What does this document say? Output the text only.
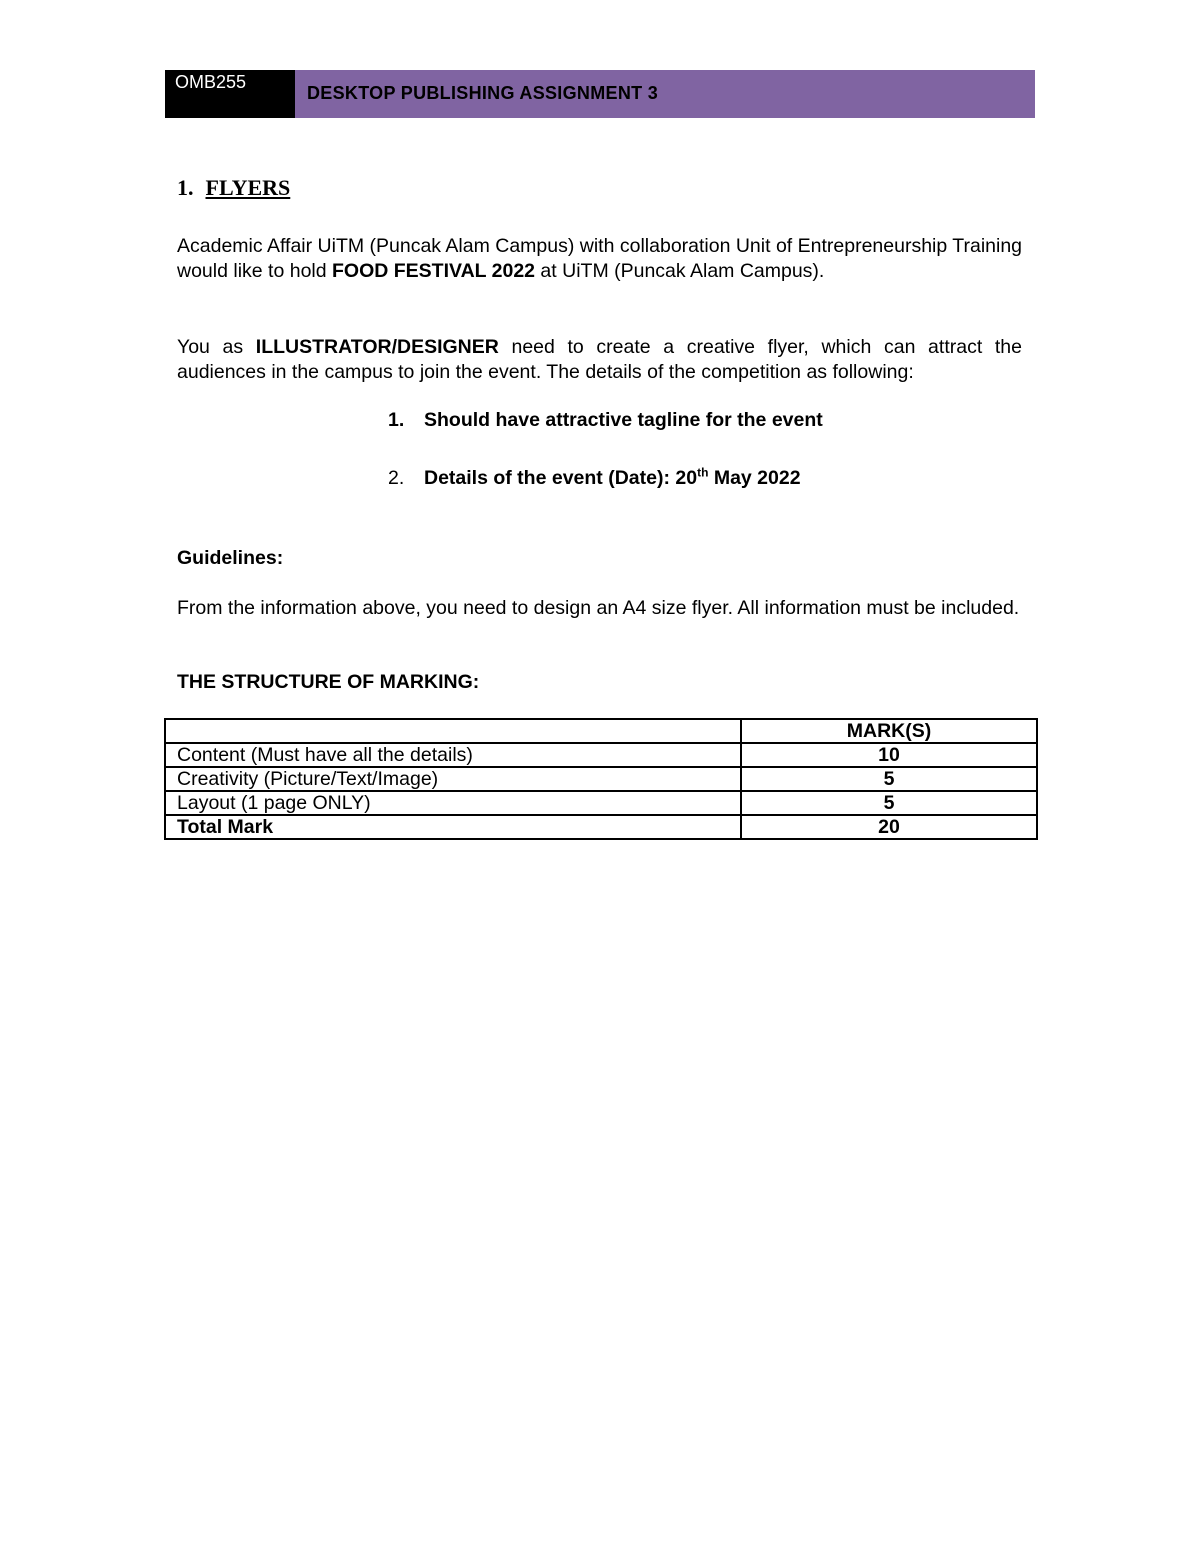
OMB255
DESKTOP PUBLISHING ASSIGNMENT 3
1. FLYERS
Academic Affair UiTM (Puncak Alam Campus) with collaboration Unit of Entrepreneurship Training would like to hold FOOD FESTIVAL 2022 at UiTM (Puncak Alam Campus).
You as ILLUSTRATOR/DESIGNER need to create a creative flyer, which can attract the audiences in the campus to join the event. The details of the competition as following:
1. Should have attractive tagline for the event
2. Details of the event (Date): 20th May 2022
Guidelines:
From the information above, you need to design an A4 size flyer. All information must be included.
THE STRUCTURE OF MARKING:
	MARK(S)
Content (Must have all the details)	10
Creativity (Picture/Text/Image)	5
Layout (1 page ONLY)	5
Total Mark	20
